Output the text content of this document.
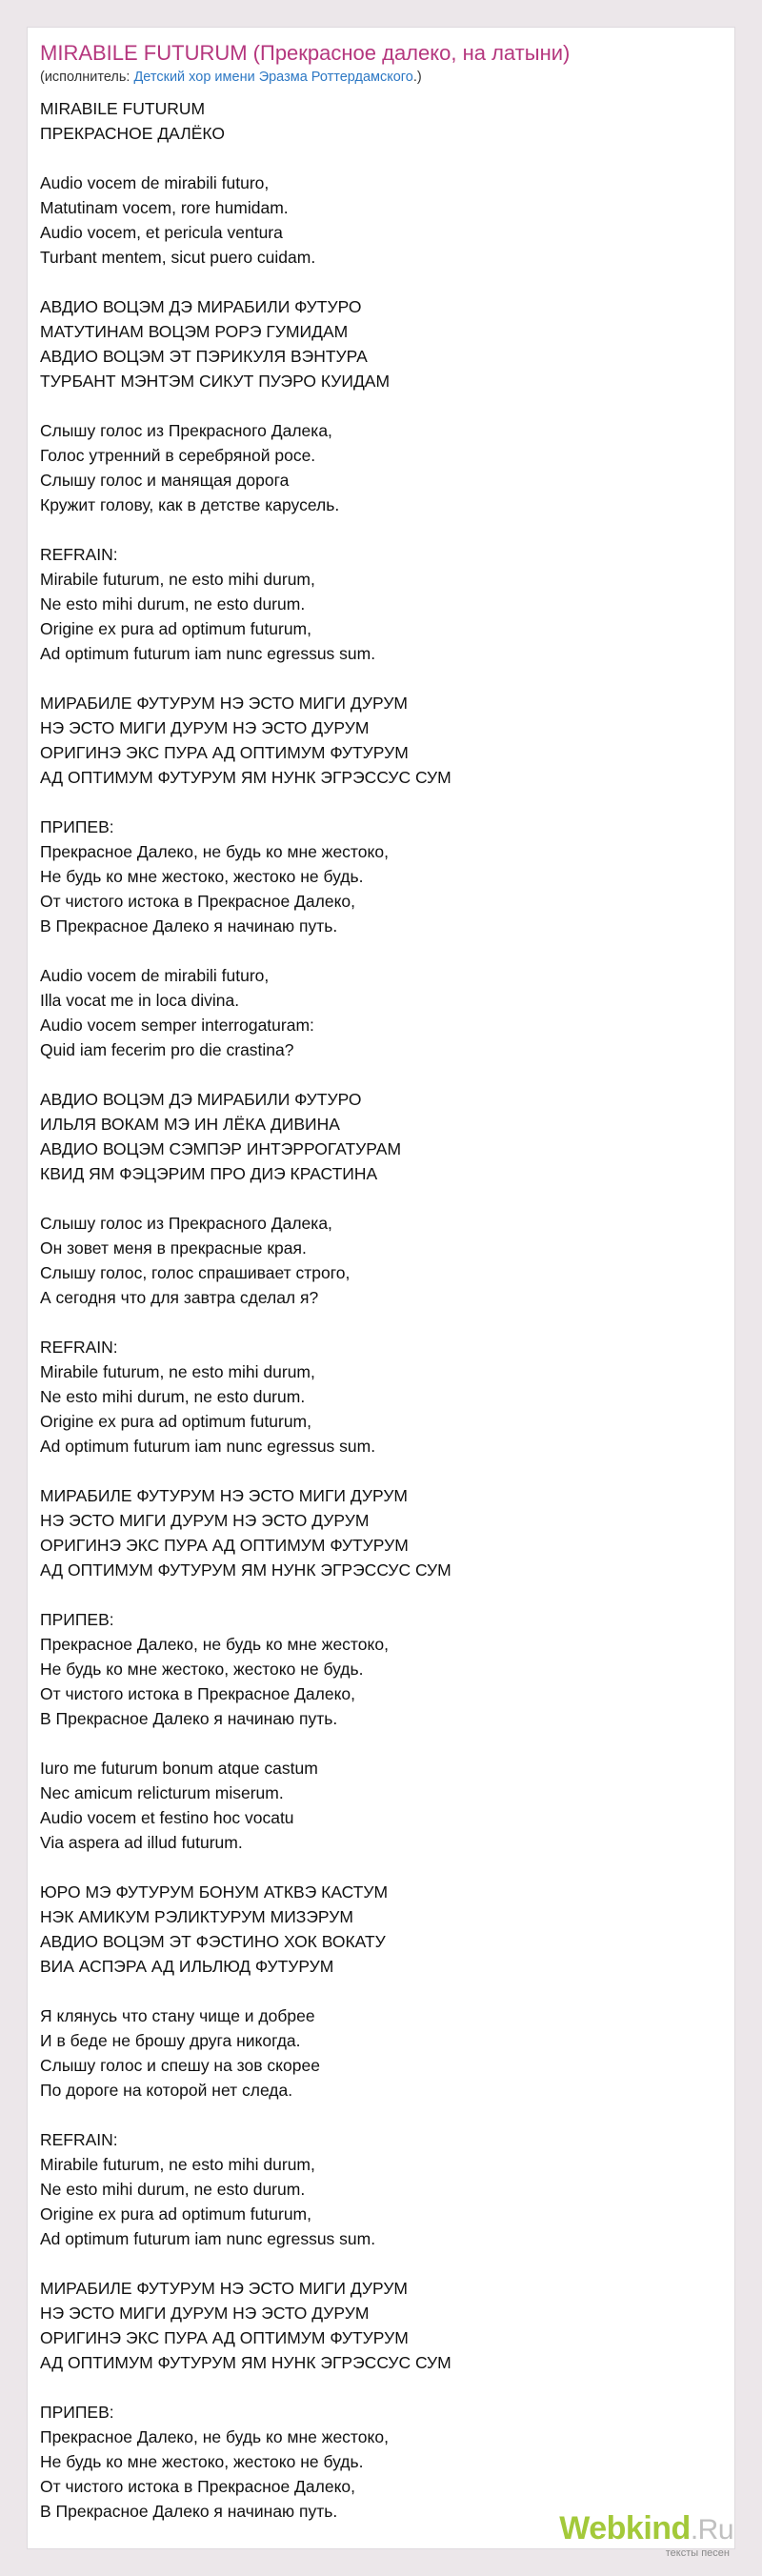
MIRABILE FUTURUM (Прекрасное далеко, на латыни)
(исполнитель: Детский хор имени Эразма Роттердамского.)
MIRABILE FUTURUM
ПРЕКРАСНОЕ ДАЛЁКО
Audio vocem de mirabili futuro,
Matutinam vocem, rore humidam.
Audio vocem, et pericula ventura
Turbant mentem, sicut puero cuidam.
АВДИО ВОЦЭМ ДЭ МИРАБИЛИ ФУТУРО
МАТУТИНАМ ВОЦЭМ РОРЭ ГУМИДАМ
АВДИО ВОЦЭМ ЭТ ПЭРИКУЛЯ ВЭНТУРА
ТУРБАНТ МЭНТЭМ СИКУТ ПУЭРО КУИДАМ
Слышу голос из Прекрасного Далека,
Голос утренний в серебряной росе.
Слышу голос и манящая дорога
Кружит голову, как в детстве карусель.
REFRAIN:
Mirabile futurum, ne esto mihi durum,
Ne esto mihi durum, ne esto durum.
Origine ex pura ad optimum futurum,
Ad optimum futurum iam nunc egressus sum.
МИРАБИЛЕ ФУТУРУМ НЭ ЭСТО МИГИ ДУРУМ
НЭ ЭСТО МИГИ ДУРУМ НЭ ЭСТО ДУРУМ
ОРИГИНЭ ЭКС ПУРА АД ОПТИМУМ ФУТУРУМ
АД ОПТИМУМ ФУТУРУМ ЯМ НУНК ЭГРЭССУС СУМ
ПРИПЕВ:
Прекрасное Далеко, не будь ко мне жестоко,
Не будь ко мне жестоко, жестоко не будь.
От чистого истока в Прекрасное Далеко,
В Прекрасное Далеко я начинаю путь.
Audio vocem de mirabili futuro,
Illa vocat me in loca divina.
Audio vocem semper interrogaturam:
Quid iam fecerim pro die crastina?
АВДИО ВОЦЭМ ДЭ МИРАБИЛИ ФУТУРО
ИЛЬЛЯ ВОКАМ МЭ ИН ЛЁКА ДИВИНА
АВДИО ВОЦЭМ СЭМПЭР ИНТЭРРОГАТУРАМ
КВИД ЯМ ФЭЦЭРИМ ПРО ДИЭ КРАСТИНА
Слышу голос из Прекрасного Далека,
Он зовет меня в прекрасные края.
Слышу голос, голос спрашивает строго,
А сегодня что для завтра сделал я?
REFRAIN:
Mirabile futurum, ne esto mihi durum,
Ne esto mihi durum, ne esto durum.
Origine ex pura ad optimum futurum,
Ad optimum futurum iam nunc egressus sum.
МИРАБИЛЕ ФУТУРУМ НЭ ЭСТО МИГИ ДУРУМ
НЭ ЭСТО МИГИ ДУРУМ НЭ ЭСТО ДУРУМ
ОРИГИНЭ ЭКС ПУРА АД ОПТИМУМ ФУТУРУМ
АД ОПТИМУМ ФУТУРУМ ЯМ НУНК ЭГРЭССУС СУМ
ПРИПЕВ:
Прекрасное Далеко, не будь ко мне жестоко,
Не будь ко мне жестоко, жестоко не будь.
От чистого истока в Прекрасное Далеко,
В Прекрасное Далеко я начинаю путь.
Iuro me futurum bonum atque castum
Nec amicum relicturum miserum.
Audio vocem et festino hoc vocatu
Via aspera ad illud futurum.
ЮРО МЭ ФУТУРУМ БОНУМ АТКВЭ КАСТУМ
НЭК АМИКУМ РЭЛИКТУРУМ МИЗЭРУМ
АВДИО ВОЦЭМ ЭТ ФЭСТИНО ХОК ВОКАТУ
ВИА АСПЭРА АД ИЛЬЛЮД ФУТУРУМ
Я клянусь что стану чище и добрее
И в беде не брошу друга никогда.
Слышу голос и спешу на зов скорее
По дороге на которой нет следа.
REFRAIN:
Mirabile futurum, ne esto mihi durum,
Ne esto mihi durum, ne esto durum.
Origine ex pura ad optimum futurum,
Ad optimum futurum iam nunc egressus sum.
МИРАБИЛЕ ФУТУРУМ НЭ ЭСТО МИГИ ДУРУМ
НЭ ЭСТО МИГИ ДУРУМ НЭ ЭСТО ДУРУМ
ОРИГИНЭ ЭКС ПУРА АД ОПТИМУМ ФУТУРУМ
АД ОПТИМУМ ФУТУРУМ ЯМ НУНК ЭГРЭССУС СУМ
ПРИПЕВ:
Прекрасное Далеко, не будь ко мне жестоко,
Не будь ко мне жестоко, жестоко не будь.
От чистого истока в Прекрасное Далеко,
В Прекрасное Далеко я начинаю путь.	Webkind.Ru
тексты песен
